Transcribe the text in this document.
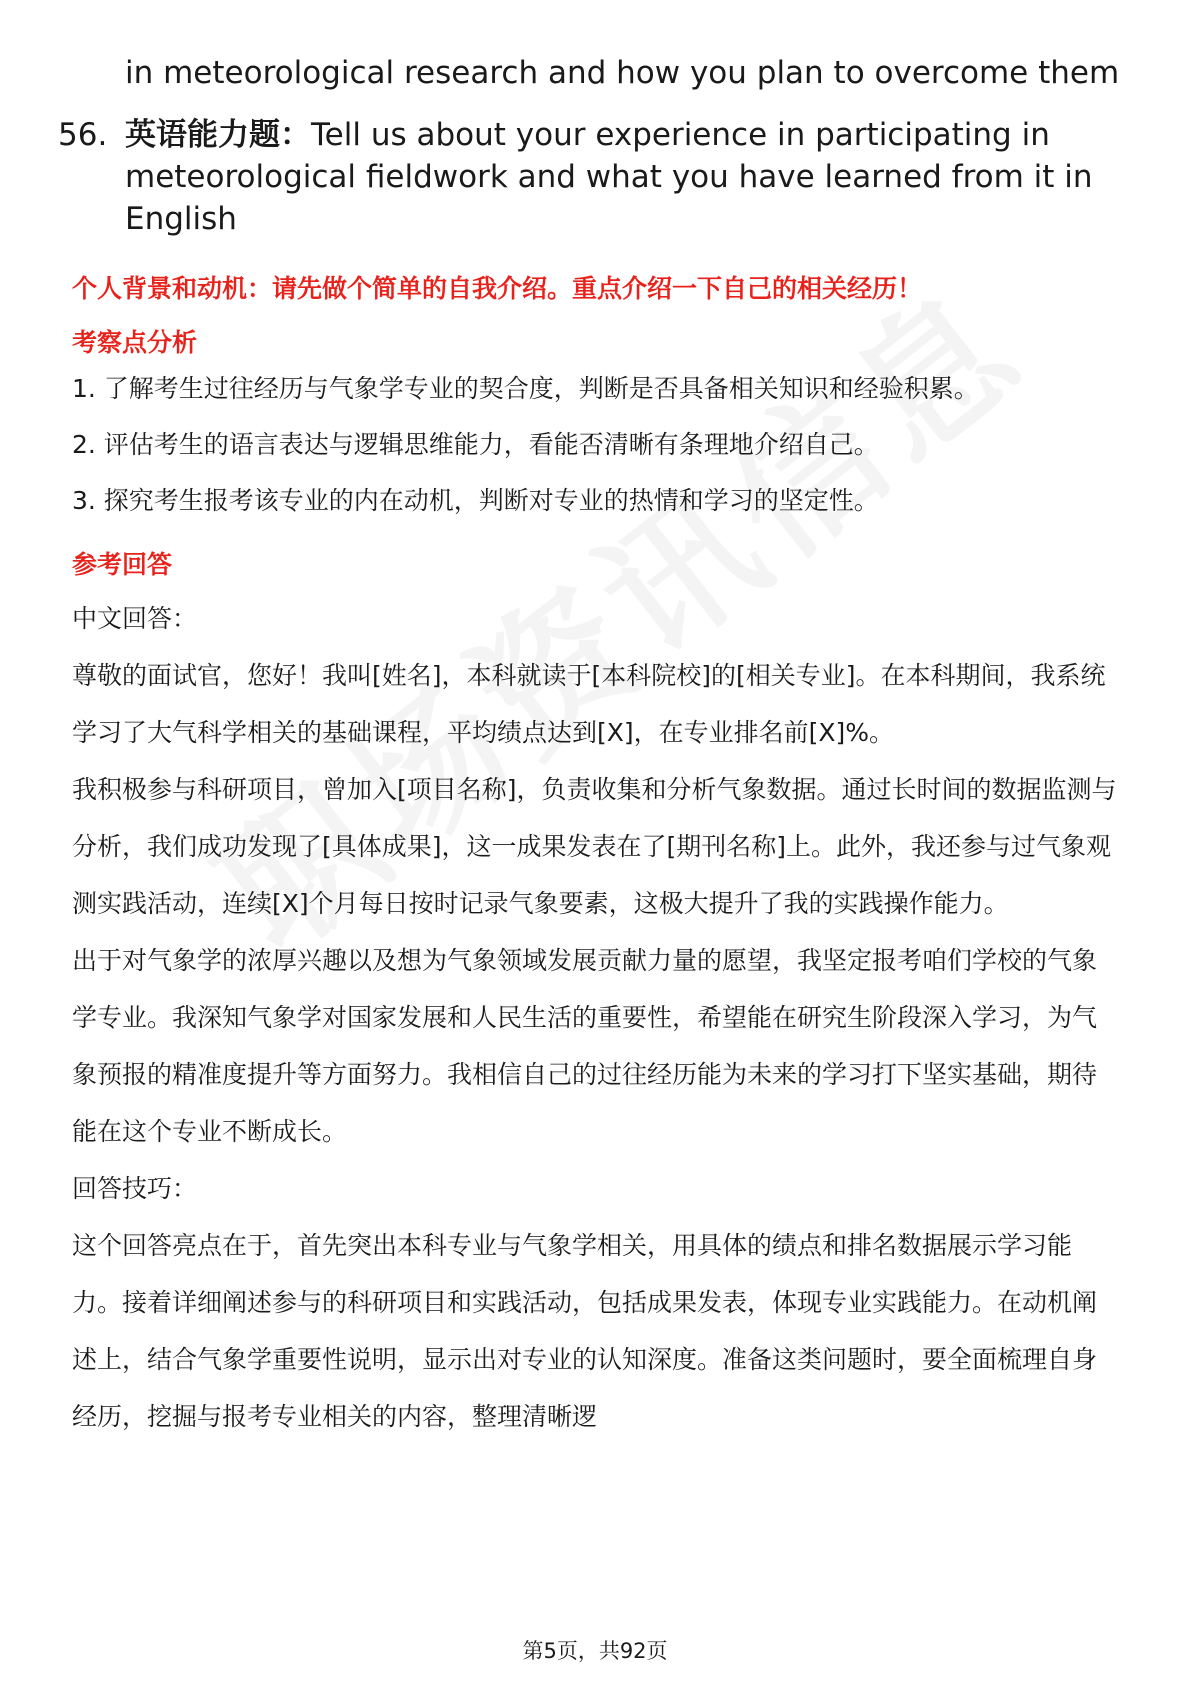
in meteorological research and how you plan to overcome them
56. 英语能力题：Tell us about your experience in participating in meteorological fieldwork and what you have learned from it in English

个人背景和动机：请先做个简单的自我介绍。重点介绍一下自己的相关经历！

考察点分析

1. 了解考生过往经历与气象学专业的契合度，判断是否具备相关知识和经验积累。
2. 评估考生的语言表达与逻辑思维能力，看能否清晰有条理地介绍自己。
3. 探究考生报考该专业的内在动机，判断对专业的热情和学习的坚定性。

参考回答

中文回答：

尊敬的面试官，您好！我叫[姓名]，本科就读于[本科院校]的[相关专业]。在本科期间，我系统学习了大气科学相关的基础课程，平均绩点达到[X]，在专业排名前[X]%。

我积极参与科研项目，曾加入[项目名称]，负责收集和分析气象数据。通过长时间的数据监测与分析，我们成功发现了[具体成果]，这一成果发表在了[期刊名称]上。此外，我还参与过气象观测实践活动，连续[X]个月每日按时记录气象要素，这极大提升了我的实践操作能力。

出于对气象学的浓厚兴趣以及想为气象领域发展贡献力量的愿望，我坚定报考咱们学校的气象学专业。我深知气象学对国家发展和人民生活的重要性，希望能在研究生阶段深入学习，为气象预报的精准度提升等方面努力。我相信自己的过往经历能为未来的学习打下坚实基础，期待能在这个专业不断成长。

回答技巧：

这个回答亮点在于，首先突出本科专业与气象学相关，用具体的绩点和排名数据展示学习能力。接着详细阐述参与的科研项目和实践活动，包括成果发表，体现专业实践能力。在动机阐述上，结合气象学重要性说明，显示出对专业的认知深度。准备这类问题时，要全面梳理自身经历，挖掘与报考专业相关的内容，整理清晰逻

第5页，共92页
